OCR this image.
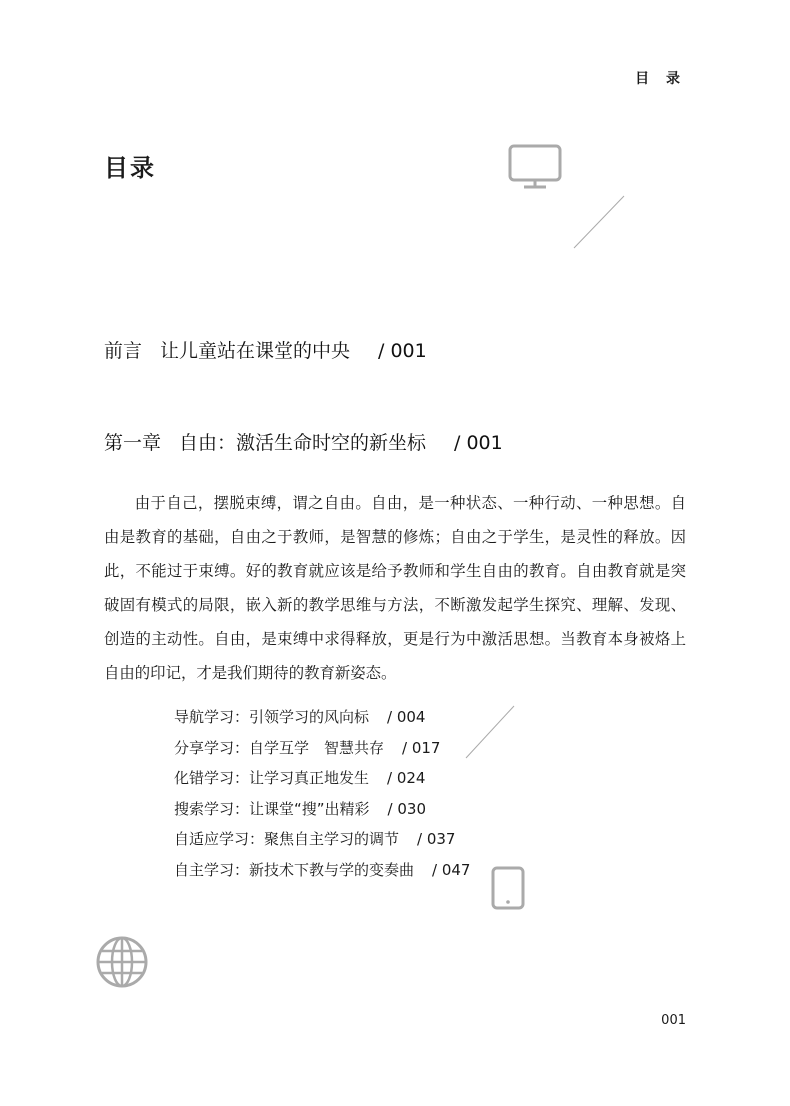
目 录
目录
前言 让儿童站在课堂的中央 / 001
第一章 自由：激活生命时空的新坐标 / 001

由于自己，摆脱束缚，谓之自由。自由，是一种状态、一种行动、一种思想。自由是教育的基础，自由之于教师，是智慧的修炼；自由之于学生，是灵性的释放。因此，不能过于束缚。好的教育就应该是给予教师和学生自由的教育。自由教育就是突破固有模式的局限，嵌入新的教学思维与方法，不断激发起学生探究、理解、发现、创造的主动性。自由，是束缚中求得释放，更是行为中激活思想。当教育本身被烙上自由的印记，才是我们期待的教育新姿态。

导航学习：引领学习的风向标 / 004
分享学习：自学互学　智慧共存 / 017
化错学习：让学习真正地发生 / 024
搜索学习：让课堂“搜”出精彩 / 030
自适应学习：聚焦自主学习的调节 / 037
自主学习：新技术下教与学的变奏曲 / 047
001
